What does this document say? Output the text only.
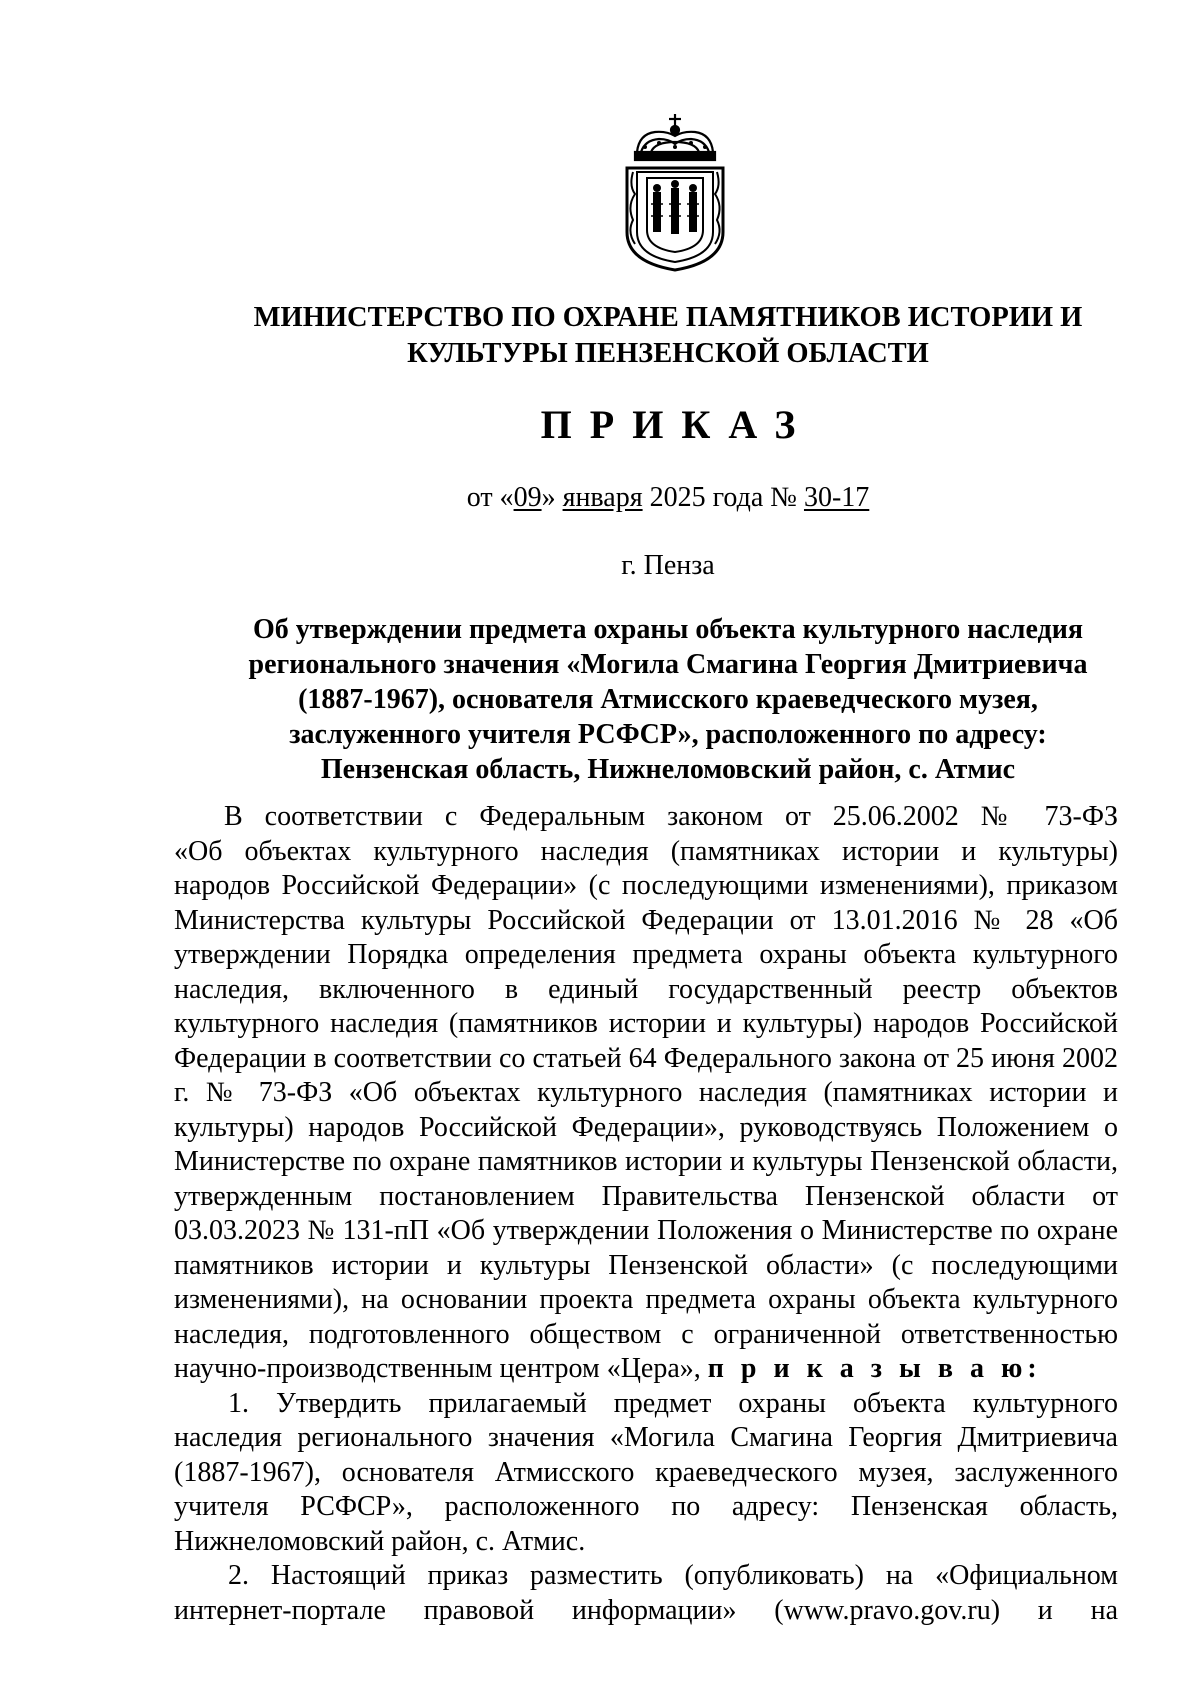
МИНИСТЕРСТВО ПО ОХРАНЕ ПАМЯТНИКОВ ИСТОРИИ И
КУЛЬТУРЫ ПЕНЗЕНСКОЙ ОБЛАСТИ
ПРИКАЗ
от «09» января 2025 года № 30-17
г. Пенза
Об утверждении предмета охраны объекта культурного наследия
регионального значения «Могила Смагина Георгия Дмитриевича
(1887-1967), основателя Атмисского краеведческого музея,
заслуженного учителя РСФСР», расположенного по адресу:
Пензенская область, Нижнеломовский район, с. Атмис
В соответствии с Федеральным законом от 25.06.2002 № 73-ФЗ
«Об объектах культурного наследия (памятниках истории и культуры)
народов Российской Федерации» (с последующими изменениями), приказом
Министерства культуры Российской Федерации от 13.01.2016 № 28 «Об
утверждении Порядка определения предмета охраны объекта культурного
наследия, включенного в единый государственный реестр объектов
культурного наследия (памятников истории и культуры) народов Российской
Федерации в соответствии со статьей 64 Федерального закона от 25 июня 2002
г. № 73-ФЗ «Об объектах культурного наследия (памятниках истории и
культуры) народов Российской Федерации», руководствуясь Положением о
Министерстве по охране памятников истории и культуры Пензенской области,
утвержденным постановлением Правительства Пензенской области от
03.03.2023 № 131-пП «Об утверждении Положения о Министерстве по охране
памятников истории и культуры Пензенской области» (с последующими
изменениями), на основании проекта предмета охраны объекта культурного
наследия, подготовленного обществом с ограниченной ответственностью
научно-производственным центром «Цера», п р и к а з ы в а ю:
1. Утвердить прилагаемый предмет охраны объекта культурного
наследия регионального значения «Могила Смагина Георгия Дмитриевича
(1887-1967), основателя Атмисского краеведческого музея, заслуженного
учителя РСФСР», расположенного по адресу: Пензенская область,
Нижнеломовский район, с. Атмис.
2. Настоящий приказ разместить (опубликовать) на «Официальном
интернет-портале правовой информации» (www.pravo.gov.ru) и на
